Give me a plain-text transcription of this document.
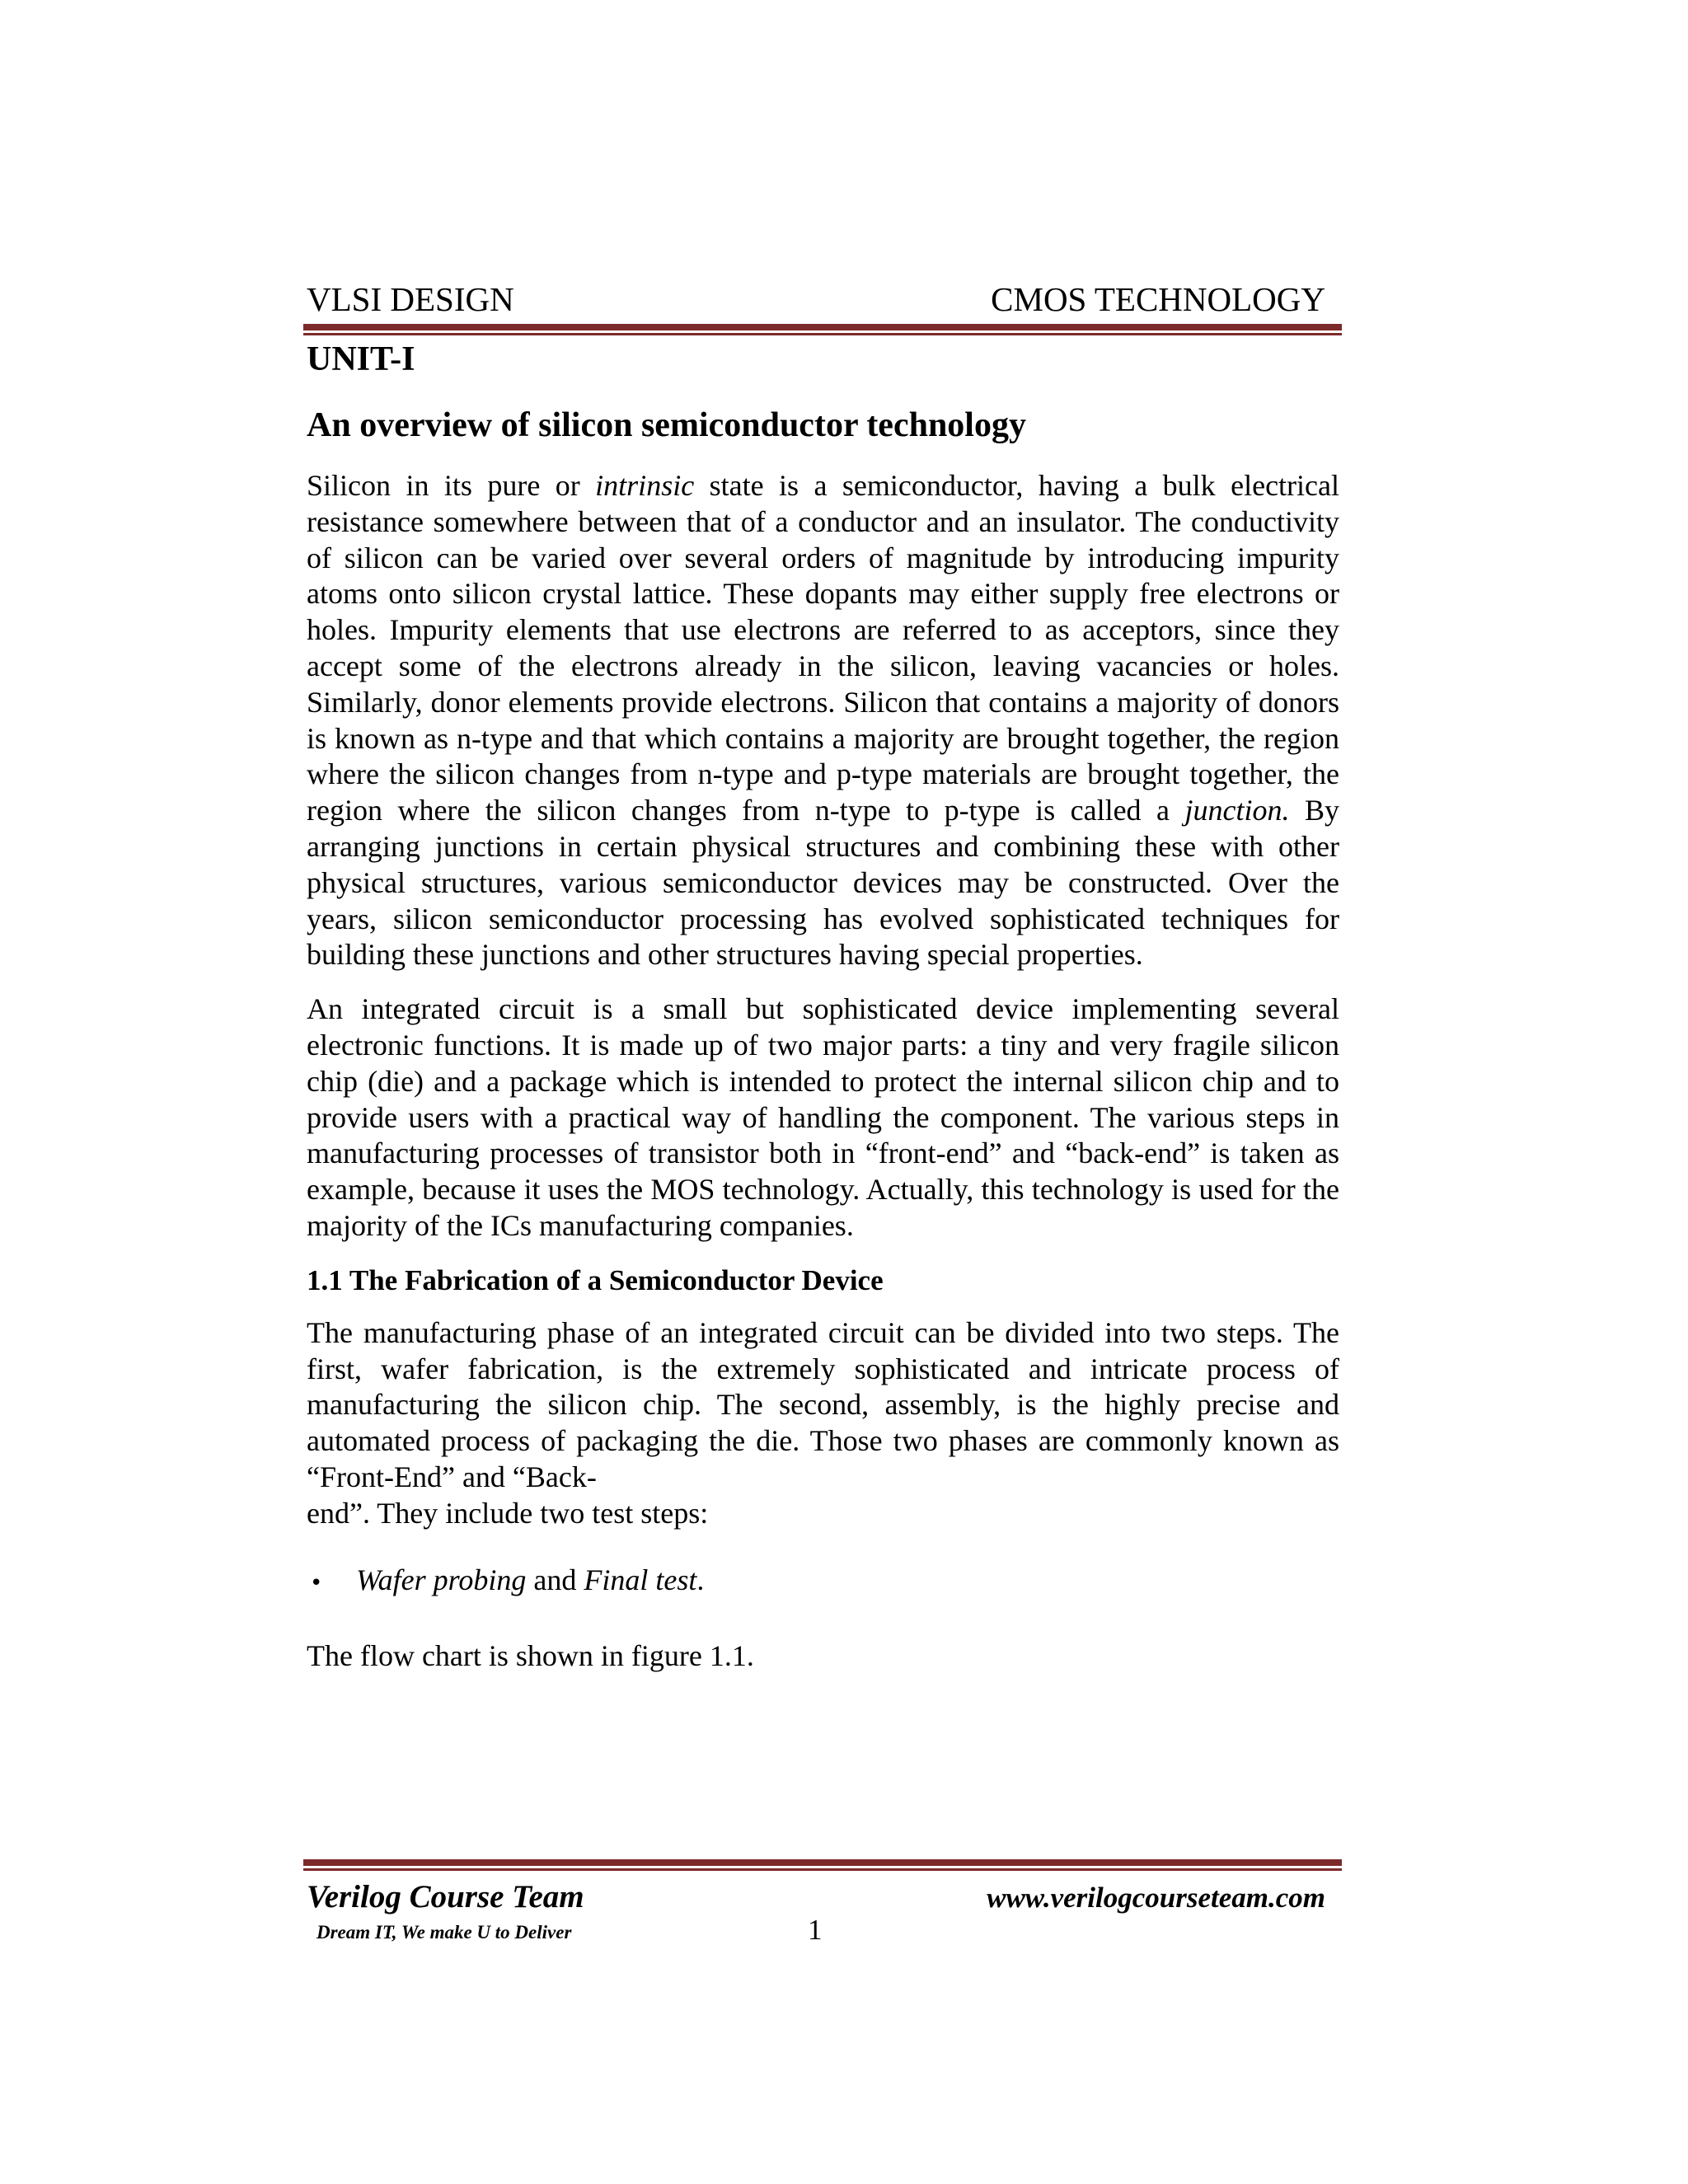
VLSI DESIGN	CMOS TECHNOLOGY
UNIT-I
An overview of silicon semiconductor technology

Silicon in its pure or intrinsic state is a semiconductor, having a bulk electrical resistance somewhere between that of a conductor and an insulator. The conductivity of silicon can be varied over several orders of magnitude by introducing impurity atoms onto silicon crystal lattice. These dopants may either supply free electrons or holes. Impurity elements that use electrons are referred to as acceptors, since they accept some of the electrons already in the silicon, leaving vacancies or holes. Similarly, donor elements provide electrons. Silicon that contains a majority of donors is known as n-type and that which contains a majority are brought together, the region where the silicon changes from n-type and p-type materials are brought together, the region where the silicon changes from n-type to p-type is called a junction. By arranging junctions in certain physical structures and combining these with other physical structures, various semiconductor devices may be constructed. Over the years, silicon semiconductor processing has evolved sophisticated techniques for building these junctions and other structures having special properties.

An integrated circuit is a small but sophisticated device implementing several electronic functions. It is made up of two major parts: a tiny and very fragile silicon chip (die) and a package which is intended to protect the internal silicon chip and to provide users with a practical way of handling the component. The various steps in manufacturing processes of transistor both in “front-end” and “back-end” is taken as example, because it uses the MOS technology. Actually, this technology is used for the majority of the ICs manufacturing companies.

1.1 The Fabrication of a Semiconductor Device

The manufacturing phase of an integrated circuit can be divided into two steps. The first, wafer fabrication, is the extremely sophisticated and intricate process of manufacturing the silicon chip. The second, assembly, is the highly precise and automated process of packaging the die. Those two phases are commonly known as “Front-End” and “Back-
end”. They include two test steps:

•	Wafer probing and Final test.

The flow chart is shown in figure 1.1.

Verilog Course Team	www.verilogcourseteam.com
Dream IT, We make U to Deliver	1
